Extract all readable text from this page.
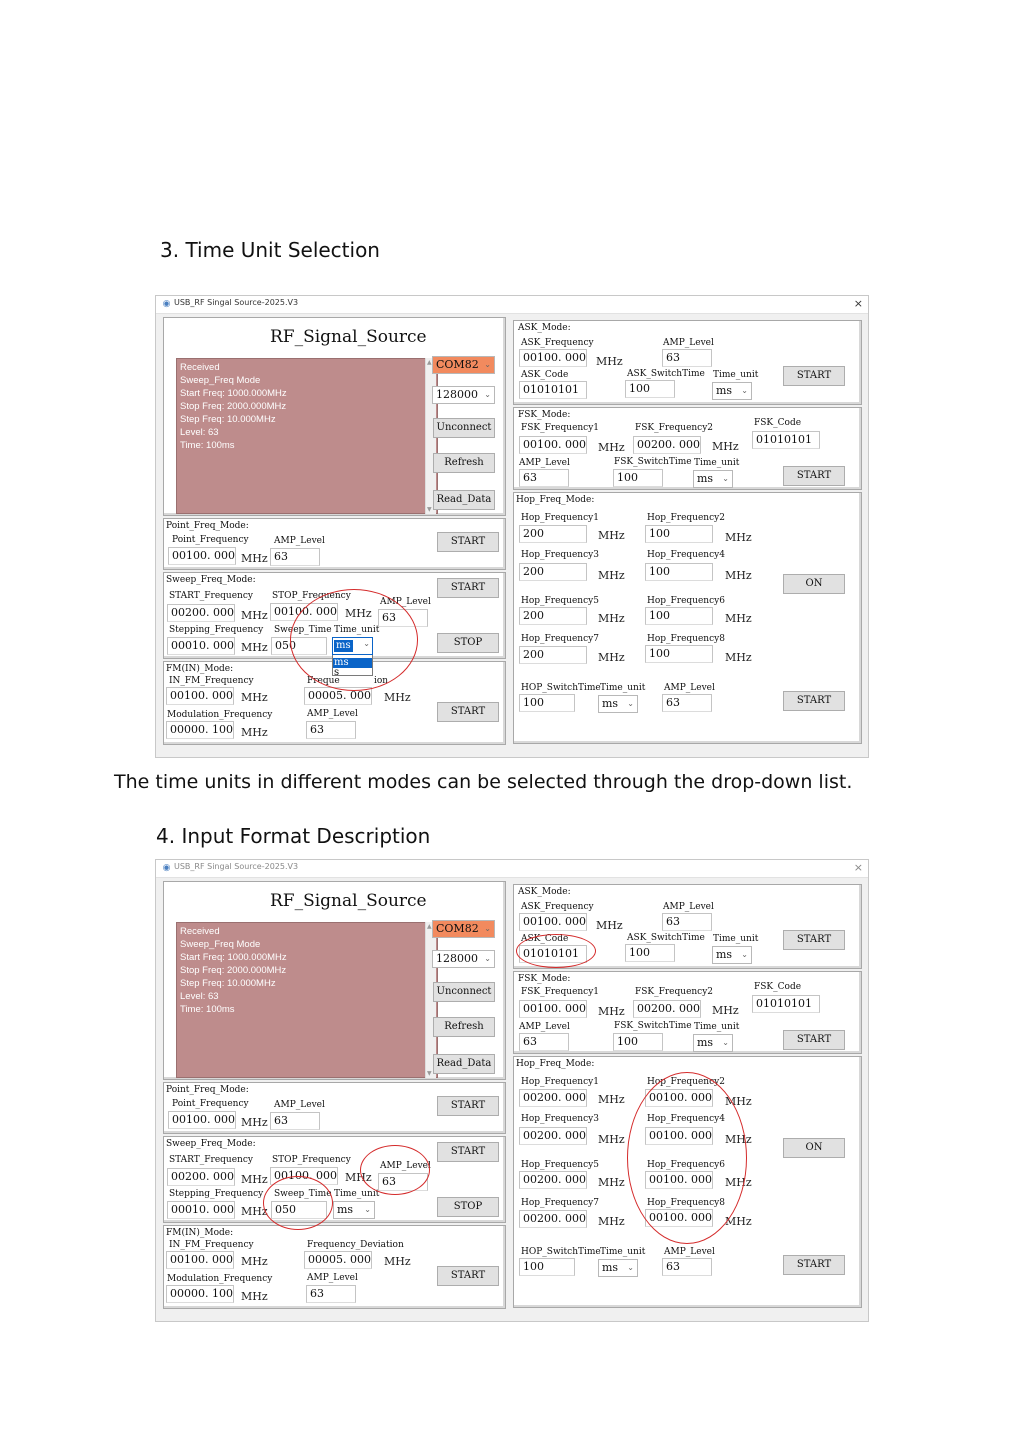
3. Time Unit Selection
◉ USB_RF Singal Source-2025.V3	×
RF_Signal_Source
Received
Sweep_Freq Mode
Start Freq: 1000.000MHz
Stop Freq: 2000.000MHz
Step Freq: 10.000MHz
Level: 63
Time: 100ms
▲
▼
COM82 ⌄
128000 ⌄
Unconnect
Refresh
Read_Data
Point_Freq_Mode:
Point_Frequency
00100. 000 MHz
AMP_Level
63
START
Sweep_Freq_Mode:
START_Frequency
00200. 000 MHz
STOP_Frequency
00100. 000 MHz
AMP_Level
63
Stepping_Frequency
00010. 000 MHz
Sweep_Time
050
Time_unit
START
STOP
FM(IN)_Mode:
IN_FM_Frequency
00100. 000 MHz
Freque	ion
00005. 000 MHz
Modulation_Frequency
00000. 100 MHz
AMP_Level
63
START
ms
s
ms ⌄
ASK_Mode:
ASK_Frequency
00100. 000 MHz
AMP_Level
63
ASK_Code
01010101
ASK_SwitchTime
100
Time_unit
ms ⌄
START
FSK_Mode:
FSK_Frequency1
00100. 000 MHz
FSK_Frequency2
00200. 000 MHz
FSK_Code
01010101
AMP_Level
63
FSK_SwitchTime
100
Time_unit
ms ⌄	START
Hop_Freq_Mode:
Hop_Frequency1
200	MHz
Hop_Frequency2
100	MHz
Hop_Frequency3
200	MHz
Hop_Frequency4
100	MHz
Hop_Frequency5
200	MHz
Hop_Frequency6
100	MHz
Hop_Frequency7
200	MHz
Hop_Frequency8
100	MHz
ON
HOP_SwitchTime
100
Time_unit
ms ⌄
AMP_Level
63	START
The time units in different modes can be selected through the drop-down list.
4. Input Format Description
◉ USB_RF Singal Source-2025.V3	×
RF_Signal_Source
Received
Sweep_Freq Mode
Start Freq: 1000.000MHz
Stop Freq: 2000.000MHz
Step Freq: 10.000MHz
Level: 63
Time: 100ms
▲
▼
COM82 ⌄
128000 ⌄
Unconnect
Refresh
Read_Data
Point_Freq_Mode:
Point_Frequency
00100. 000 MHz
AMP_Level
63
START
Sweep_Freq_Mode:
START_Frequency
00200. 000 MHz
STOP_Frequency
00100. 000 MHz
AMP_Level
63
Stepping_Frequency
00010. 000 MHz
Sweep_Time
050
Time_unit
ms ⌄
START
STOP
FM(IN)_Mode:
IN_FM_Frequency
00100. 000 MHz
Frequency_Deviation
00005. 000 MHz
Modulation_Frequency
00000. 100 MHz
AMP_Level
63
START
ASK_Mode:
ASK_Frequency
00100. 000 MHz
AMP_Level
63
ASK_Code
01010101
ASK_SwitchTime
100
Time_unit
ms ⌄
START
FSK_Mode:
FSK_Frequency1
00100. 000 MHz
FSK_Frequency2
00200. 000 MHz
FSK_Code
01010101
AMP_Level
63
FSK_SwitchTime
100
Time_unit
ms ⌄	START
Hop_Freq_Mode:
Hop_Frequency1
00200. 000 MHz
Hop_Frequency2
00100. 000 MHz
Hop_Frequency3
00200. 000 MHz
Hop_Frequency4
00100. 000 MHz
Hop_Frequency5
00200. 000 MHz
Hop_Frequency6
00100. 000 MHz
Hop_Frequency7
00200. 000 MHz
Hop_Frequency8
00100. 000 MHz
ON
HOP_SwitchTime
100
Time_unit
ms ⌄
AMP_Level
63	START
